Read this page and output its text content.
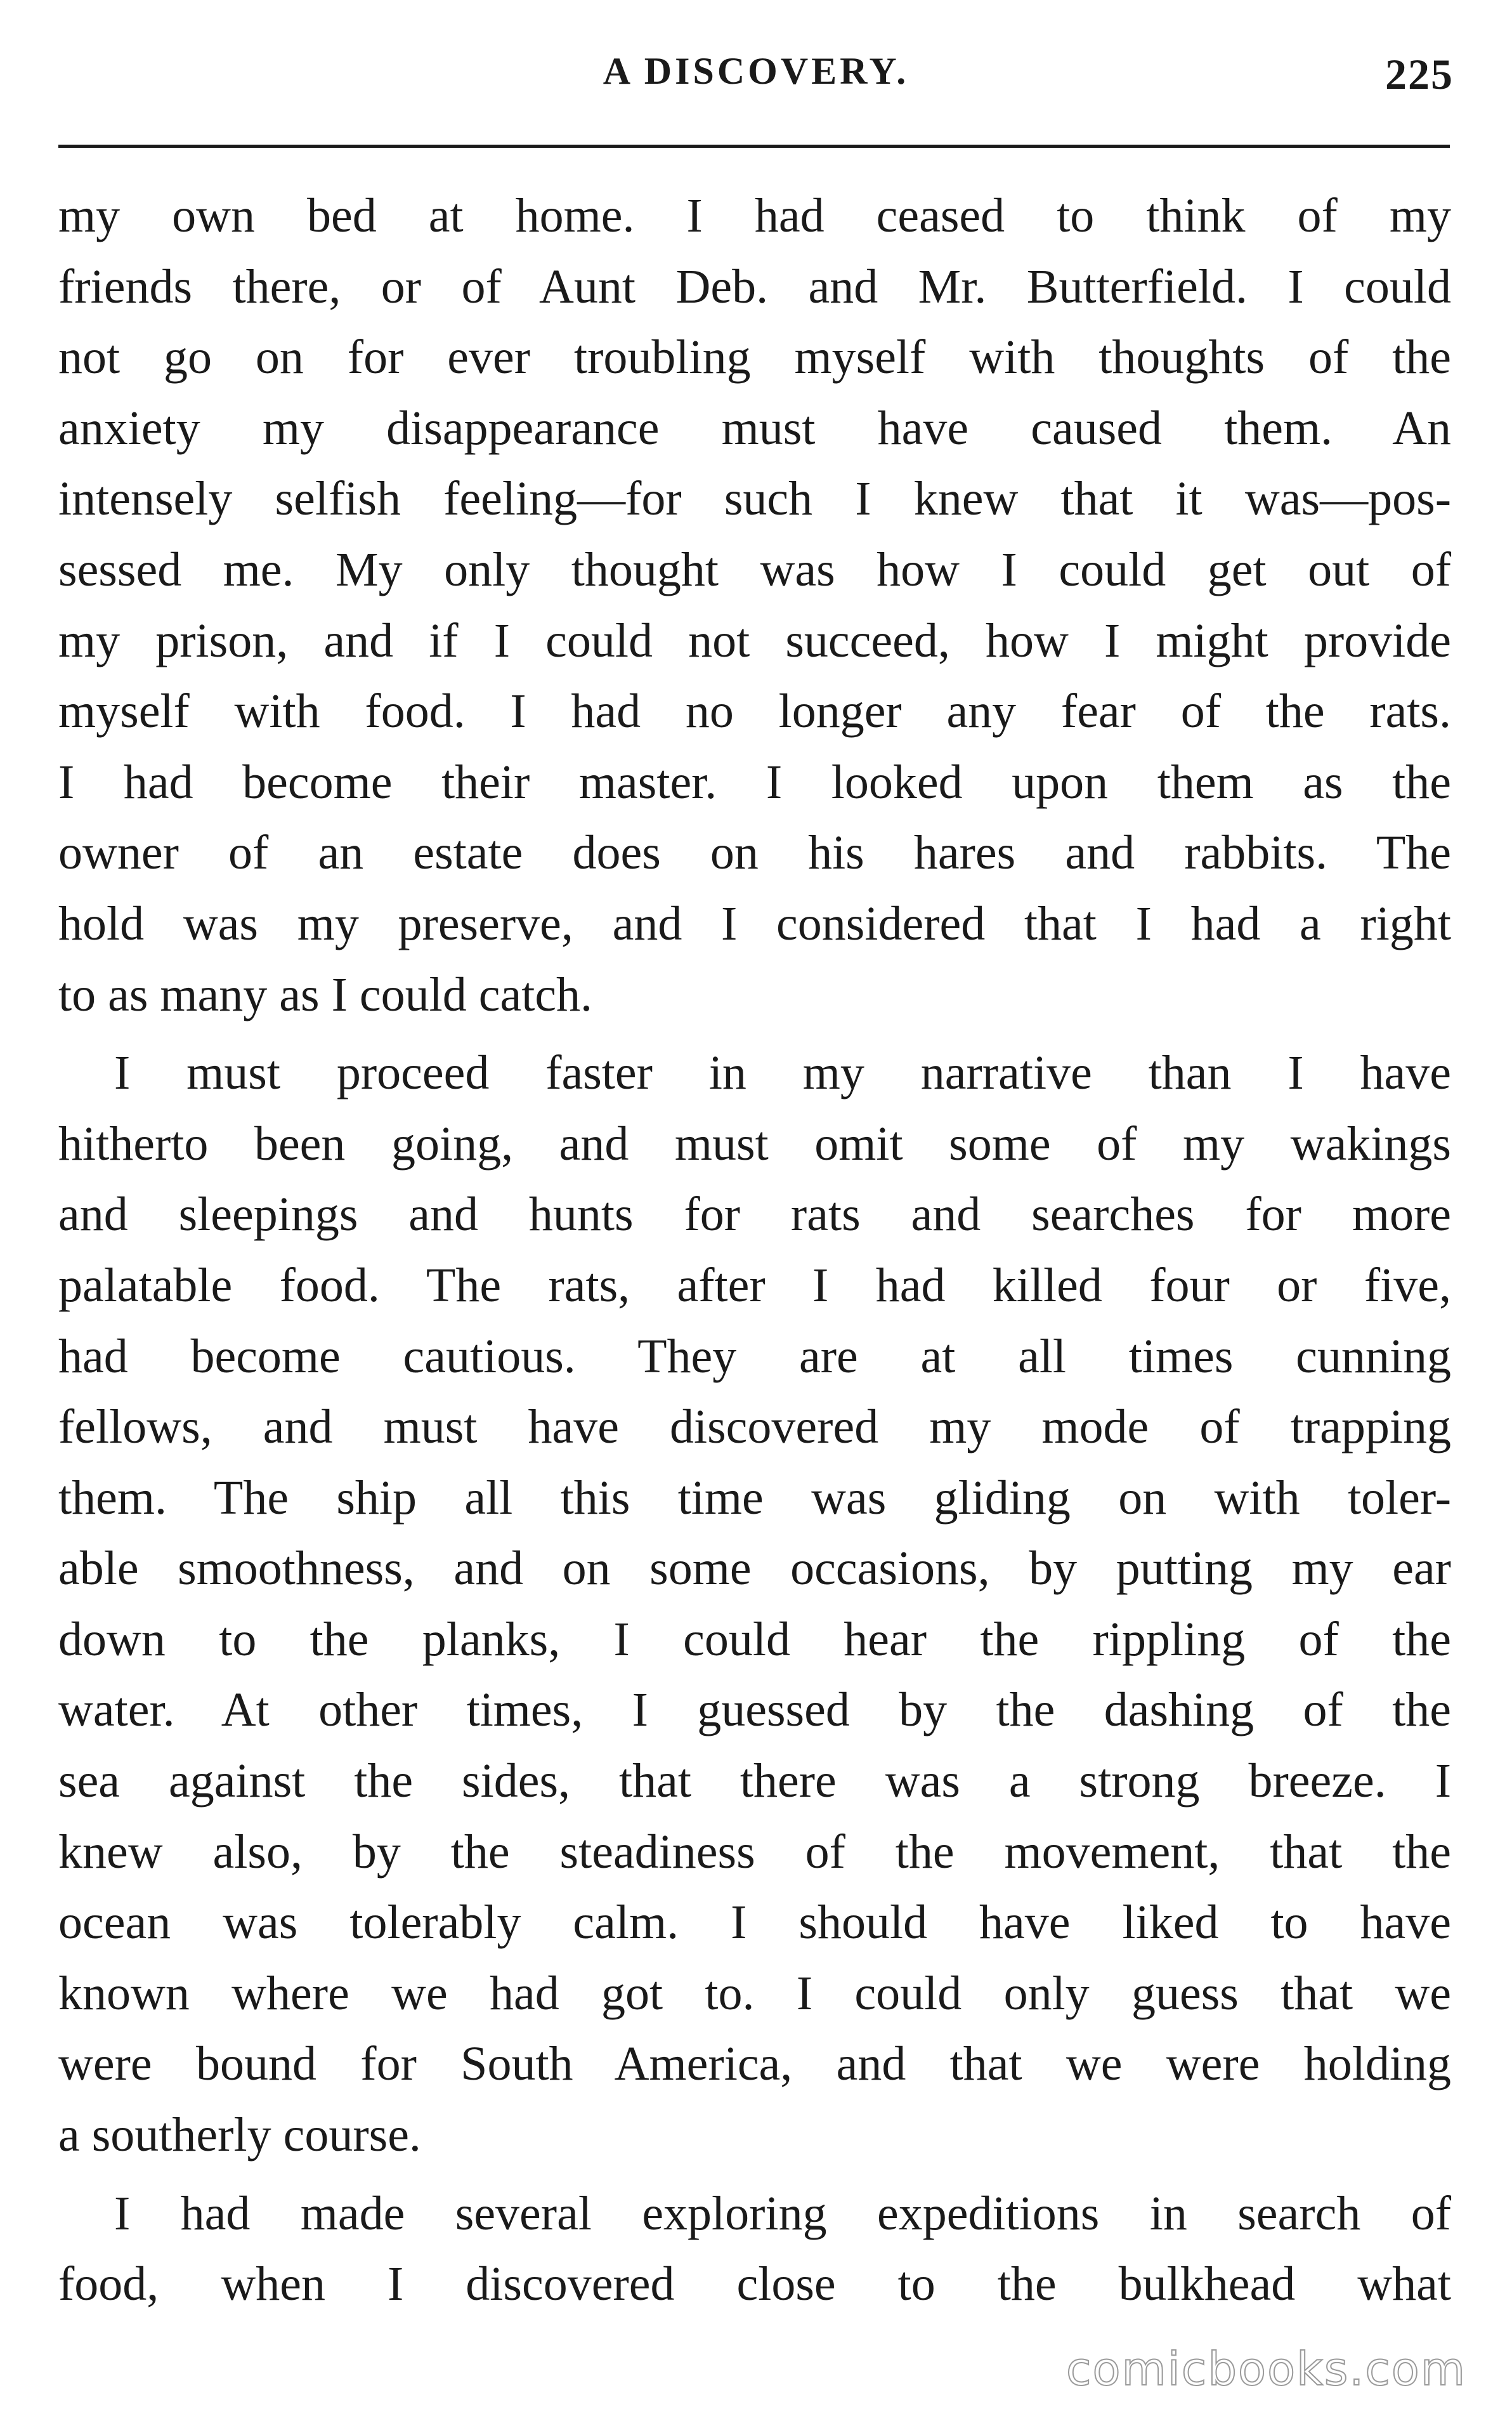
A DISCOVERY.	225
my own bed at home. I had ceased to think of my
friends there, or of Aunt Deb. and Mr. Butterfield. I could
not go on for ever troubling myself with thoughts of the
anxiety my disappearance must have caused them. An
intensely selfish feeling—for such I knew that it was—pos-
sessed me. My only thought was how I could get out of
my prison, and if I could not succeed, how I might provide
myself with food. I had no longer any fear of the rats.
I had become their master. I looked upon them as the
owner of an estate does on his hares and rabbits. The
hold was my preserve, and I considered that I had a right
to as many as I could catch.
I must proceed faster in my narrative than I have
hitherto been going, and must omit some of my wakings
and sleepings and hunts for rats and searches for more
palatable food. The rats, after I had killed four or five,
had become cautious. They are at all times cunning
fellows, and must have discovered my mode of trapping
them. The ship all this time was gliding on with toler-
able smoothness, and on some occasions, by putting my ear
down to the planks, I could hear the rippling of the
water. At other times, I guessed by the dashing of the
sea against the sides, that there was a strong breeze. I
knew also, by the steadiness of the movement, that the
ocean was tolerably calm. I should have liked to have
known where we had got to. I could only guess that we
were bound for South America, and that we were holding
a southerly course.
I had made several exploring expeditions in search of
food, when I discovered close to the bulkhead what
comicbooks.com
